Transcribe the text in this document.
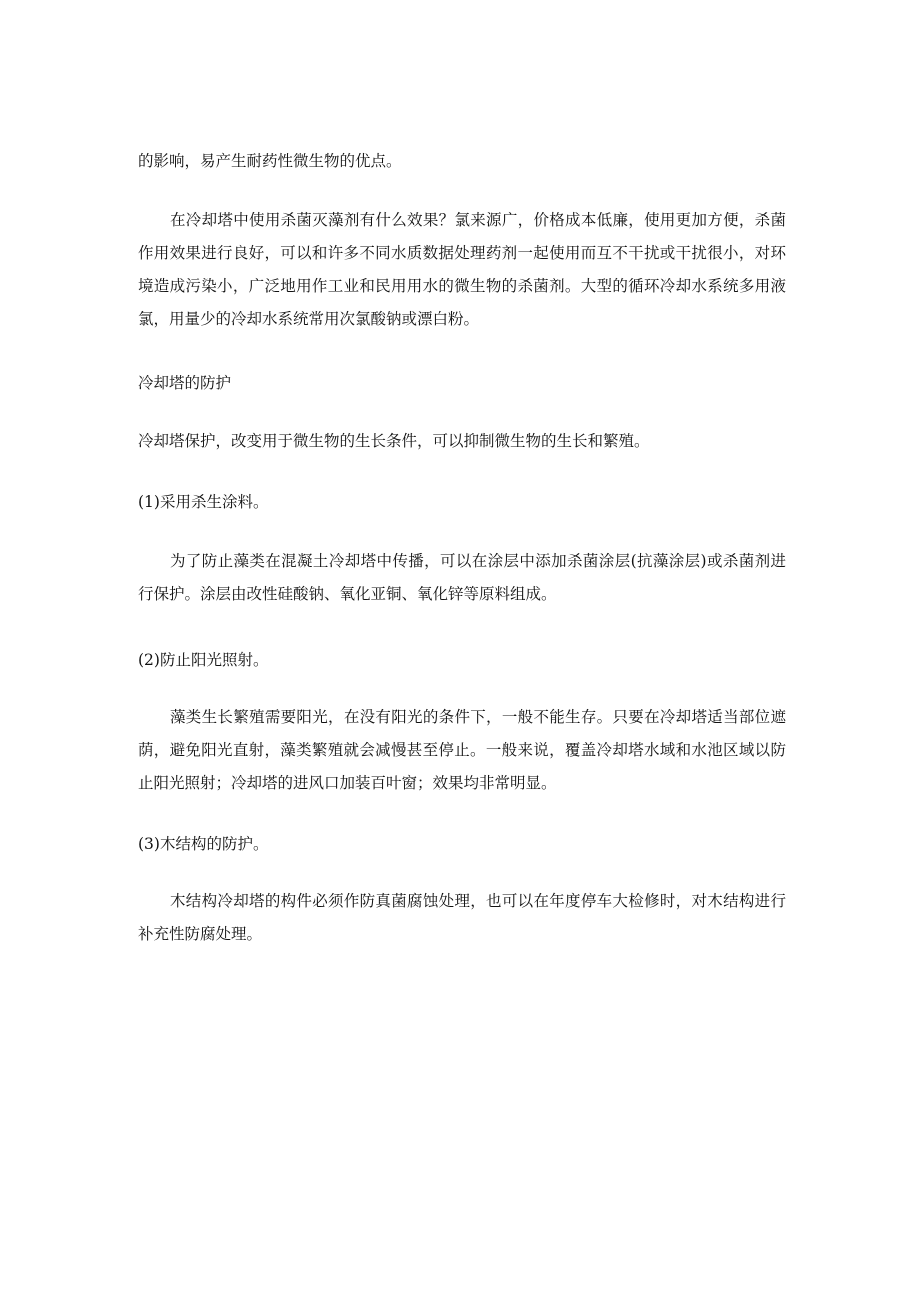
的影响，易产生耐药性微生物的优点。

在冷却塔中使用杀菌灭藻剂有什么效果？氯来源广，价格成本低廉，使用更加方便，杀菌作用效果进行良好，可以和许多不同水质数据处理药剂一起使用而互不干扰或干扰很小，对环境造成污染小，广泛地用作工业和民用用水的微生物的杀菌剂。大型的循环冷却水系统多用液氯，用量少的冷却水系统常用次氯酸钠或漂白粉。

冷却塔的防护

冷却塔保护，改变用于微生物的生长条件，可以抑制微生物的生长和繁殖。

(1)采用杀生涂料。

为了防止藻类在混凝土冷却塔中传播，可以在涂层中添加杀菌涂层(抗藻涂层)或杀菌剂进行保护。涂层由改性硅酸钠、氧化亚铜、氧化锌等原料组成。

(2)防止阳光照射。

藻类生长繁殖需要阳光，在没有阳光的条件下，一般不能生存。只要在冷却塔适当部位遮荫，避免阳光直射，藻类繁殖就会减慢甚至停止。一般来说，覆盖冷却塔水域和水池区域以防止阳光照射；冷却塔的进风口加装百叶窗；效果均非常明显。

(3)木结构的防护。

木结构冷却塔的构件必须作防真菌腐蚀处理，也可以在年度停车大检修时，对木结构进行补充性防腐处理。
